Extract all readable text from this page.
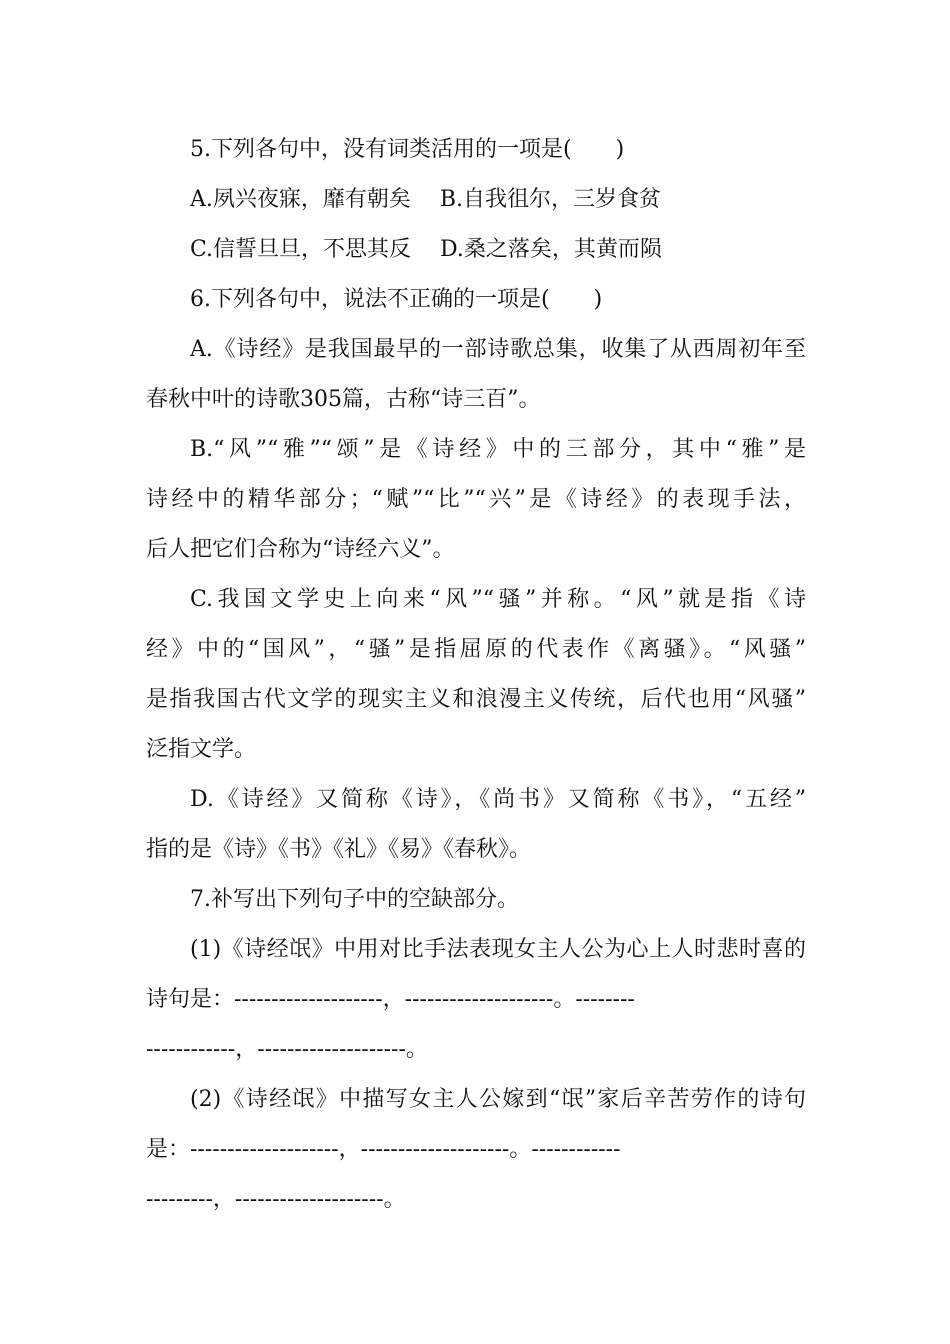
5.下列各句中，没有词类活用的一项是(　　)
A.夙兴夜寐，靡有朝矣　 B.自我徂尔，三岁食贫
C.信誓旦旦，不思其反　 D.桑之落矣，其黄而陨
6.下列各句中，说法不正确的一项是(　　)
A.《诗经》是我国最早的一部诗歌总集，收集了从西周初年至
春秋中叶的诗歌305篇，古称“诗三百”。
B.“风”“雅”“颂”是《诗经》中的三部分，其中“雅”是
诗经中的精华部分；“赋”“比”“兴”是《诗经》的表现手法，
后人把它们合称为“诗经六义”。
C.我国文学史上向来“风”“骚”并称。“风”就是指《诗
经》中的“国风”，“骚”是指屈原的代表作《离骚》。“风骚”
是指我国古代文学的现实主义和浪漫主义传统，后代也用“风骚”
泛指文学。
D.《诗经》又简称《诗》，《尚书》又简称《书》，“五经”
指的是《诗》《书》《礼》《易》《春秋》。
7.补写出下列句子中的空缺部分。
(1)《诗经氓》中用对比手法表现女主人公为心上人时悲时喜的
诗句是：--------------------，--------------------。--------
------------，--------------------。
(2)《诗经氓》中描写女主人公嫁到“氓”家后辛苦劳作的诗句
是：--------------------，--------------------。------------
---------，--------------------。
